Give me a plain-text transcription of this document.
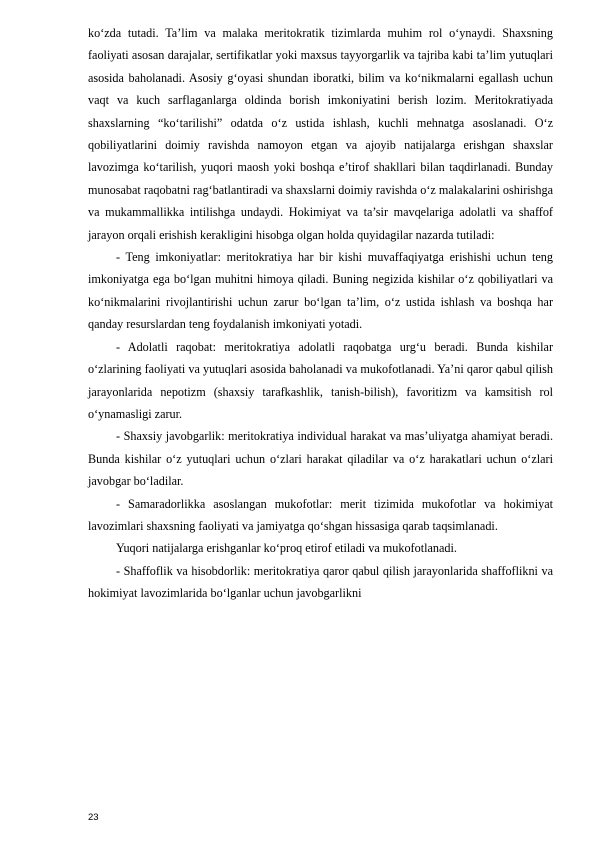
ko‘zda tutadi. Ta’lim va malaka meritokratik tizimlarda muhim rol o‘ynaydi. Shaxsning faoliyati asosan darajalar, sertifikatlar yoki maxsus tayyorgarlik va tajriba kabi ta’lim yutuqlari asosida baholanadi. Asosiy g‘oyasi shundan iboratki, bilim va ko‘nikmalarni egallash uchun vaqt va kuch sarflaganlarga oldinda borish imkoniyatini berish lozim. Meritokratiyada shaxslarning “ko‘tarilishi” odatda o‘z ustida ishlash, kuchli mehnatga asoslanadi. O‘z qobiliyatlarini doimiy ravishda namoyon etgan va ajoyib natijalarga erishgan shaxslar lavozimga ko‘tarilish, yuqori maosh yoki boshqa e’tirof shakllari bilan taqdirlanadi. Bunday munosabat raqobatni rag‘batlantiradi va shaxslarni doimiy ravishda o‘z malakalarini oshirishga va mukammallikka intilishga undaydi. Hokimiyat va ta’sir mavqelariga adolatli va shaffof jarayon orqali erishish kerakligini hisobga olgan holda quyidagilar nazarda tutiladi:

- Teng imkoniyatlar: meritokratiya har bir kishi muvaffaqiyatga erishishi uchun teng imkoniyatga ega bo‘lgan muhitni himoya qiladi. Buning negizida kishilar o‘z qobiliyatlari va ko‘nikmalarini rivojlantirishi uchun zarur bo‘lgan ta’lim, o‘z ustida ishlash va boshqa har qanday resurslardan teng foydalanish imkoniyati yotadi.

- Adolatli raqobat: meritokratiya adolatli raqobatga urg‘u beradi. Bunda kishilar o‘zlarining faoliyati va yutuqlari asosida baholanadi va mukofotlanadi. Ya’ni qaror qabul qilish jarayonlarida nepotizm (shaxsiy tarafkashlik, tanish-bilish), favoritizm va kamsitish rol o‘ynamasligi zarur.

- Shaxsiy javobgarlik: meritokratiya individual harakat va mas’uliyatga ahamiyat beradi. Bunda kishilar o‘z yutuqlari uchun o‘zlari harakat qiladilar va o‘z harakatlari uchun o‘zlari javobgar bo‘ladilar.

- Samaradorlikka asoslangan mukofotlar: merit tizimida mukofotlar va hokimiyat lavozimlari shaxsning faoliyati va jamiyatga qo‘shgan hissasiga qarab taqsimlanadi.

Yuqori natijalarga erishganlar ko‘proq etirof etiladi va mukofotlanadi.

- Shaffoflik va hisobdorlik: meritokratiya qaror qabul qilish jarayonlarida shaffoflikni va hokimiyat lavozimlarida bo‘lganlar uchun javobgarlikni

23
